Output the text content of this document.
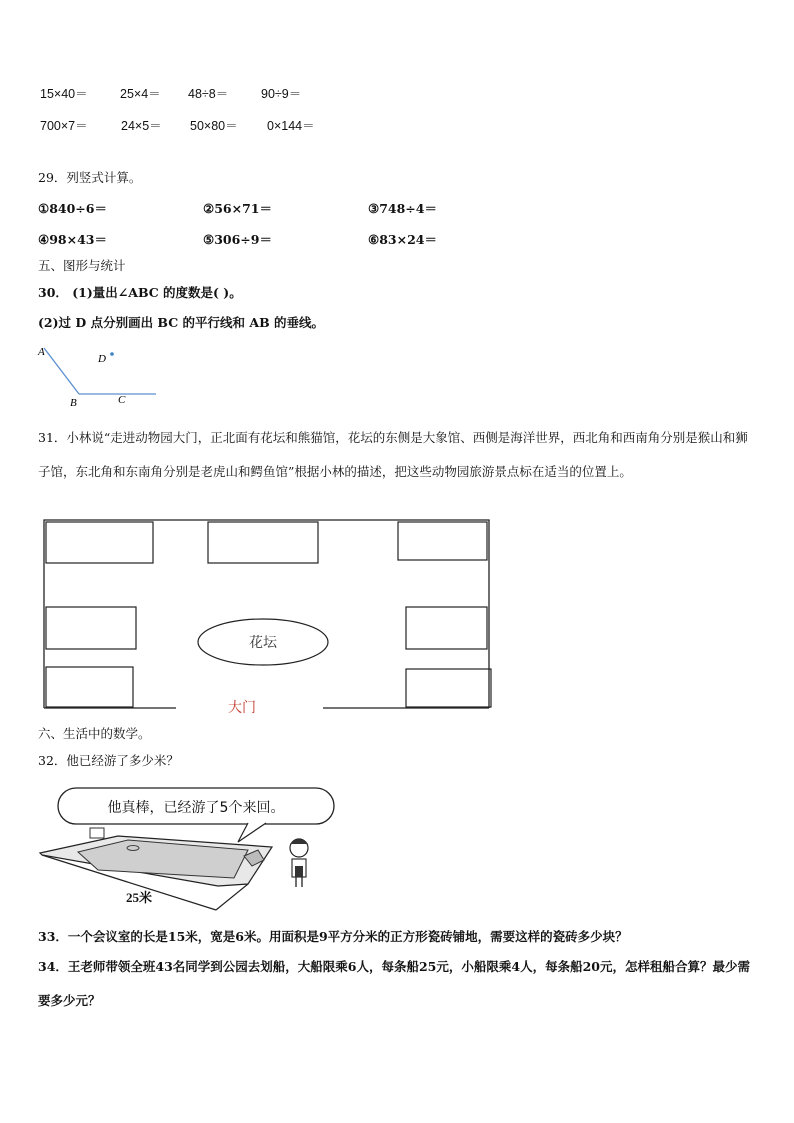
15×40＝	25×4＝ 48÷8＝	90÷9＝
700×7＝	24×5＝ 50×80＝ 0×144＝
29．列竖式计算。
①840÷6＝	②56×71＝	③748÷4＝
④98×43＝	⑤306÷9＝	⑥83×24＝
五、图形与统计
30． (1)量出∠ABC 的度数是( )。
(2)过 D 点分别画出 BC 的平行线和 AB 的垂线。
A
B	C
D
31．小林说“走进动物园大门，正北面有花坛和熊猫馆，花坛的东侧是大象馆、西侧是海洋世界，西北角和西南角分别是猴山和狮子馆，东北角和东南角分别是老虎山和鳄鱼馆”根据小林的描述，把这些动物园旅游景点标在适当的位置上。
花坛
大门
六、生活中的数学。
32．他已经游了多少米？
他真棒，已经游了5个来回。
25米
33．一个会议室的长是15米，宽是6米。用面积是9平方分米的正方形瓷砖铺地，需要这样的瓷砖多少块？
34．王老师带领全班43名同学到公园去划船，大船限乘6人，每条船25元，小船限乘4人，每条船20元，怎样租船合算？最少需要多少元？
